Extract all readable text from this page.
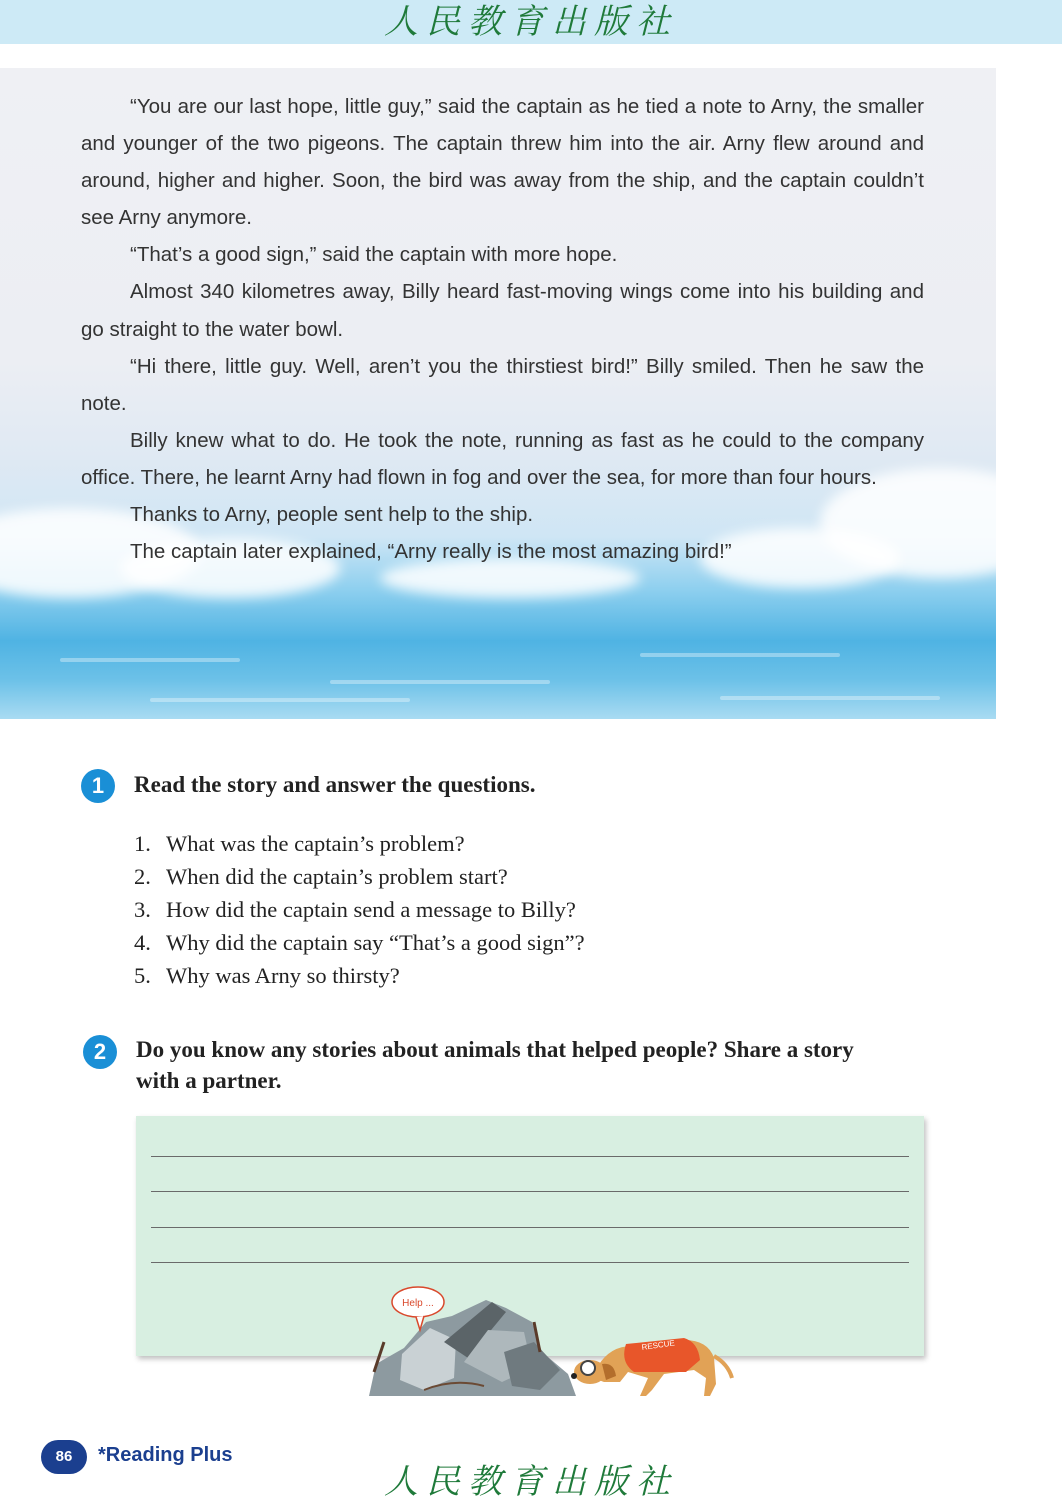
人民教育出版社

“You are our last hope, little guy,” said the captain as he tied a note to Arny, the smaller and younger of the two pigeons. The captain threw him into the air. Arny flew around and around, higher and higher. Soon, the bird was away from the ship, and the captain couldn’t see Arny anymore.

“That’s a good sign,” said the captain with more hope.

Almost 340 kilometres away, Billy heard fast-moving wings come into his building and go straight to the water bowl.

“Hi there, little guy. Well, aren’t you the thirstiest bird!” Billy smiled. Then he saw the note.

Billy knew what to do. He took the note, running as fast as he could to the company office. There, he learnt Arny had flown in fog and over the sea, for more than four hours.

Thanks to Arny, people sent help to the ship.

The captain later explained, “Arny really is the most amazing bird!”

1	Read the story and answer the questions.
1. What was the captain’s problem?
2. When did the captain’s problem start?
3. How did the captain send a message to Billy?
4. Why did the captain say “That’s a good sign”?
5. Why was Arny so thirsty?
2	Do you know any stories about animals that helped people? Share a story
with a partner.
Help ...
RESCUE
86	*Reading Plus
人民教育出版社
